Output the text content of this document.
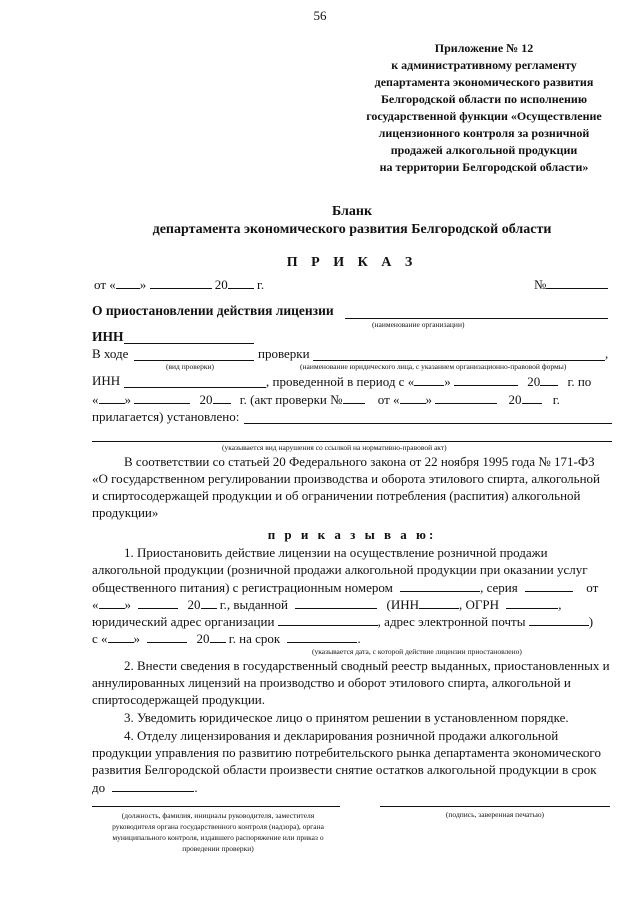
56
Приложение № 12
к административному регламенту
департамента экономического развития
Белгородской области по исполнению
государственной функции «Осуществление
лицензионного контроля за розничной
продажей алкогольной продукции
на территории Белгородской области»
Бланк
департамента экономического развития Белгородской области
П Р И К А З
от « »	20 г.	№
О приостановлении действия лицензии
(наименование организации)
ИНН
В ходе	проверки	,
(вид проверки)	(наименование юридического лица, с указанием организационно-правовой формы)
ИНН	, проведенной в период с « »	20 г. по
« »	20 г. (акт проверки №	от « »	20 г.
прилагается) установлено:
(указывается вид нарушения со ссылкой на нормативно-правовой акт)
В соответствии со статьей 20 Федерального закона от 22 ноября 1995 года № 171-ФЗ
«О государственном регулировании производства и оборота этилового спирта, алкогольной
и спиртосодержащей продукции и об ограничении потребления (распития) алкогольной
продукции»
п р и к а з ы в а ю:
1. Приостановить действие лицензии на осуществление розничной продажи
алкогольной продукции (розничной продажи алкогольной продукции при оказании услуг
общественного питания) с регистрационным номером	, серия	от
« »	20 г., выданной	(ИНН	, ОГРН	,
юридический адрес организации	, адрес электронной почты	)
с « »	20 г. на срок	.
(указывается дата, с которой действие лицензии приостановлено)
2. Внести сведения в государственный сводный реестр выданных, приостановленных и
аннулированных лицензий на производство и оборот этилового спирта, алкогольной и
спиртосодержащей продукции.
3. Уведомить юридическое лицо о принятом решении в установленном порядке.
4. Отделу лицензирования и декларирования розничной продажи алкогольной
продукции управления по развитию потребительского рынка департамента экономического
развития Белгородской области произвести снятие остатков алкогольной продукции в срок
до	.
(должность, фамилия, инициалы руководителя, заместителя
руководителя органа государственного контроля (надзора), органа
муниципального контроля, издавшего распоряжение или приказ о
проведении проверки)
(подпись, заверенная печатью)
